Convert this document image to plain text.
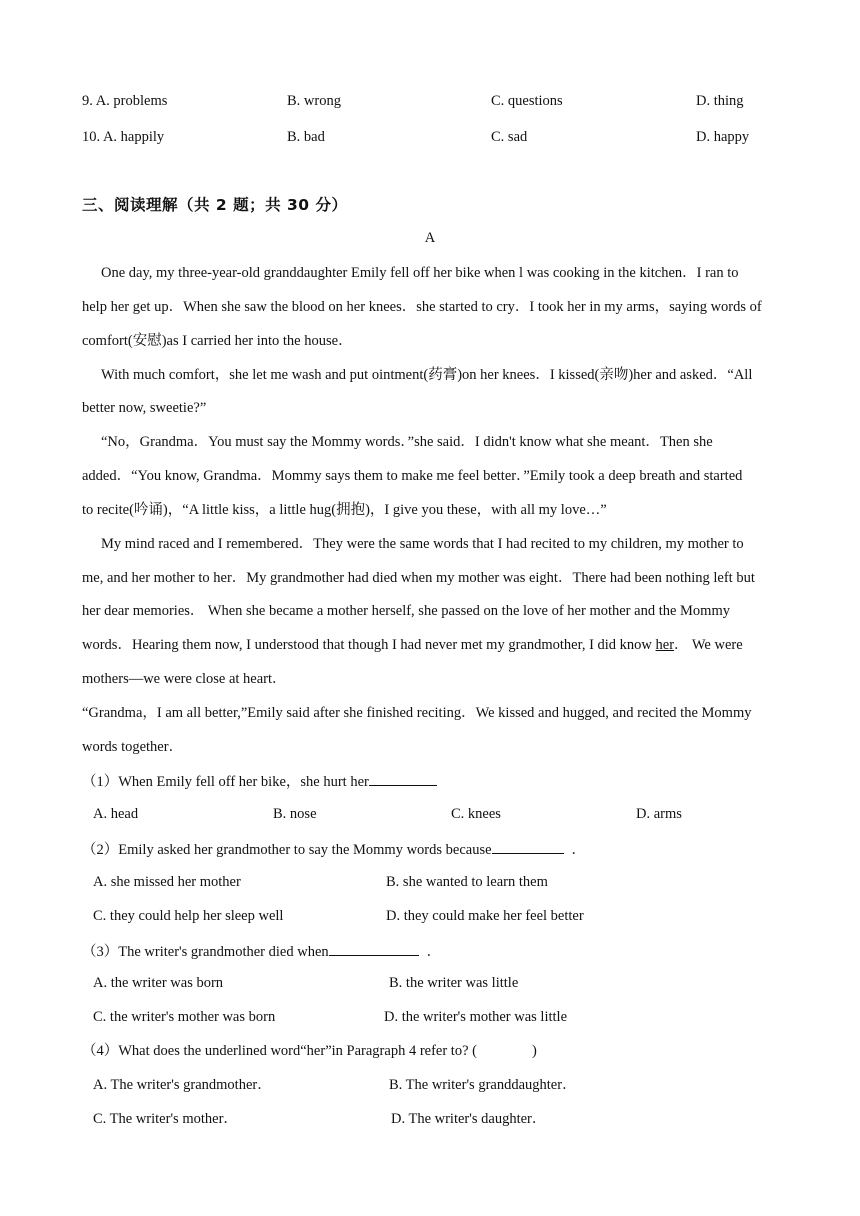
9. A. problems	B. wrong	C. questions	D. thing
10. A. happily	B. bad	C. sad	D. happy
三、阅读理解（共 2 题；共 30 分）
A
One day, my three-year-old granddaughter Emily fell off her bike when l was cooking in the kitchen．I ran to
help her get up．When she saw the blood on her knees．she started to cry．I took her in my arms，saying words of
comfort(安慰)as I carried her into the house．
With much comfort，she let me wash and put ointment(药膏)on her knees．I kissed(亲吻)her and asked．“All
better now, sweetie?”
“No，Grandma．You must say the Mommy words．”she said．I didn't know what she meant．Then she
added．“You know, Grandma．Mommy says them to make me feel better．”Emily took a deep breath and started
to recite(吟诵)，“A little kiss，a little hug(拥抱)，I give you these，with all my love…”
My mind raced and I remembered．They were the same words that I had recited to my children, my mother to
me, and her mother to her．My grandmother had died when my mother was eight．There had been nothing left but
her dear memories． When she became a mother herself, she passed on the love of her mother and the Mommy
words．Hearing them now, I understood that though I had never met my grandmother, I did know her． We were
mothers—we were close at heart．
“Grandma，I am all better,”Emily said after she finished reciting．We kissed and hugged, and recited the Mommy
words together．
（1）When Emily fell off her bike，she hurt her
A. head	B. nose	C. knees	D. arms
（2）Emily asked her grandmother to say the Mommy words because	．
A. she missed her mother	B. she wanted to learn them
C. they could help her sleep well	D. they could make her feel better
（3）The writer's grandmother died when	．
A. the writer was born	B. the writer was little
C. the writer's mother was born	D. the writer's mother was little
（4）What does the underlined word“her”in Paragraph 4 refer to? (	)
A. The writer's grandmother．	B. The writer's granddaughter．
C. The writer's mother．	D. The writer's daughter．
